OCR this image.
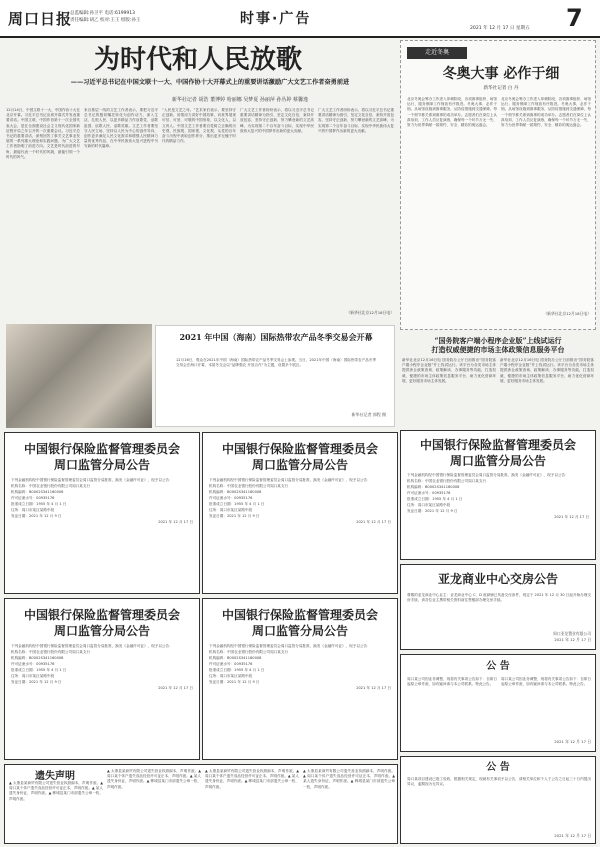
周口日报
总监编辑:孙卫平 电话:6199913
责任编辑:胡乙 校对:王王 组版:孙王	时事·广告
2021 年 12 月 17 日 星期五 7
为时代和人民放歌
——习近平总书记在中国文联十一大、中国作协十大开幕式上的重要讲话激励广大文艺工作者奋勇前进
新华社记者 胡浩 董博婷 哈丽娜 吴梦夏 孙丽萍 孙丛婷 蔡馨逸
12月14日，中国文联十一大、中国作协十大在北京开幕。习近平总书记出席开幕式并发表重要讲话。中国文联、中国作协第十一次全国代表大会，是在全面建设社会主义现代化国家新征程开局之年召开的一次重要会议。习近平总书记的重要讲话，深刻回答了事关文艺事业发展的一系列重大理论和实践问题，为广大文艺工作者指明了前进方向。文艺是时代前进的号角，最能代表一个时代的风貌，最能引领一个时代的风气。
来自基层一线的文艺工作者表示，要把习近平总书记的殷切嘱托转化为创作动力，深入生活、扎根人民，以更多精品力作讴歌党、讴歌祖国、讴歌人民、讴歌英雄。文艺工作者要坚守人民立场，坚持以人民为中心的创作导向，创作更多满足人民文化需求和增强人民精神力量的优秀作品，在中华民族伟大复兴进程中书写新的时代篇章。
“人民是文艺之母。”艺术家们表示，要坚持守正创新，用情用力讲好中国故事，向世界展现可信、可爱、可敬的中国形象，以文化人，以文育人。中国文艺工作者要自觉树立正确的历史观、民族观、国家观、文化观，从党的百年奋斗历程中汲取创作养分，推出更多无愧于时代的精品力作。
广大文艺工作者纷纷表示，将以习近平总书记重要讲话精神为指引，坚定文化自信，秉持开放包容，坚持守正创新，努力攀登新的文艺高峰，为实现第二个百年奋斗目标、实现中华民族伟大复兴的中国梦作出新的更大贡献。
广大文艺工作者纷纷表示，将以习近平总书记重要讲话精神为指引，坚定文化自信，秉持开放包容，坚持守正创新，努力攀登新的文艺高峰，为实现第二个百年奋斗目标、实现中华民族伟大复兴的中国梦作出新的更大贡献。
（新华社北京12月16日电）
2021 年中国（海南）国际热带农产品冬季交易会开幕
12月16日，观众在2021年中国（海南）国际热带农产品冬季交易会上参观。当日，2021年中国（海南）国际热带农产品冬季交易会在海口开幕，本届冬交会以“品牌强农 开放合作”为主题，设置多个展区。
新华社记者 郭程 摄
走近冬奥
冬奥大事 必作于细
新华社记者 白 丹
北京冬奥会筹办工作进入冲刺阶段，各项赛事组织、场馆运行、服务保障工作细致有序推进。冬奥大事，必作于细。从场馆设施到赛事服务，从防疫措施到交通保障，每一个细节都关系到赛事的成功举办。志愿者们在岗位上认真培训，工作人员反复演练，确保每一个环节万无一失，努力为世界奉献一届简约、安全、精彩的奥运盛会。
北京冬奥会筹办工作进入冲刺阶段，各项赛事组织、场馆运行、服务保障工作细致有序推进。冬奥大事，必作于细。从场馆设施到赛事服务，从防疫措施到交通保障，每一个细节都关系到赛事的成功举办。志愿者们在岗位上认真培训，工作人员反复演练，确保每一个环节万无一失，努力为世界奉献一届简约、安全、精彩的奥运盛会。
（新华社北京12月16日电）
“国务院客户端小程序企业版”上线试运行
打造权威便捷的市场主体政策信息服务平台
新华社北京12月16日电 国务院办公厅日前推出“国务院客户端小程序企业版”并上线试运行。该平台为各类市场主体提供涉企政策查询、政策解读、办事服务等功能，打造权威、便捷的市场主体政策信息服务平台，助力优化营商环境，更好服务市场主体发展。
新华社北京12月16日电 国务院办公厅日前推出“国务院客户端小程序企业版”并上线试运行。该平台为各类市场主体提供涉企政策查询、政策解读、办事服务等功能，打造权威、便捷的市场主体政策信息服务平台，助力优化营商环境，更好服务市场主体发展。
中国银行保险监督管理委员会
周口监管分局公告
下列金融机构经中国银行保险监督管理委员会周口监管分局批准，换发《金融许可证》，现予以公告：
机构名称：中国农业银行股份有限公司周口某支行
机构编码：B0002S341160008
许可证流水号：00935176
批准成立日期：1955 年 4 月 1 日
住所：周口市某区某路中段
发证日期：2021 年 12 月 9 日
2021 年 12 月 17 日
中国银行保险监督管理委员会
周口监管分局公告
下列金融机构经中国银行保险监督管理委员会周口监管分局批准，换发《金融许可证》，现予以公告：
机构名称：中国农业银行股份有限公司周口某支行
机构编码：B0002S341160008
许可证流水号：00935176
批准成立日期：1955 年 4 月 1 日
住所：周口市某区某路中段
发证日期：2021 年 12 月 9 日
2021 年 12 月 17 日
中国银行保险监督管理委员会
周口监管分局公告
下列金融机构经中国银行保险监督管理委员会周口监管分局批准，换发《金融许可证》，现予以公告：
机构名称：中国农业银行股份有限公司周口某支行
机构编码：B0002S341160008
许可证流水号：00935176
批准成立日期：1955 年 4 月 1 日
住所：周口市某区某路中段
发证日期：2021 年 12 月 9 日
2021 年 12 月 17 日
中国银行保险监督管理委员会
周口监管分局公告
下列金融机构经中国银行保险监督管理委员会周口监管分局批准，换发《金融许可证》，现予以公告：
机构名称：中国农业银行股份有限公司周口某支行
机构编码：B0002S341160008
许可证流水号：00935176
批准成立日期：1955 年 4 月 1 日
住所：周口市某区某路中段
发证日期：2021 年 12 月 9 日
2021 年 12 月 17 日
中国银行保险监督管理委员会
周口监管分局公告
下列金融机构经中国银行保险监督管理委员会周口监管分局批准，换发《金融许可证》，现予以公告：
机构名称：中国农业银行股份有限公司周口某支行
机构编码：B0002S341160008
许可证流水号：00935176
批准成立日期：1955 年 4 月 1 日
住所：周口市某区某路中段
发证日期：2021 年 12 月 9 日
2021 年 12 月 17 日
亚龙商业中心交房公告
尊敬的亚龙商业中心业主：亚龙商业中心 C、D 座商铺已具备交付条件，现定于 2021 年 12 月 30 日起开始办理交房手续，请各位业主携带相关资料前往售楼部办理交房手续。
周口亚龙置业有限公司
2021 年 12 月 17 日
公 告
周口某公司因业务调整，现将有关事项公告如下：自即日起原公章作废，如有疑问请与本公司联系。特此公告。
周口某公司因业务调整，现将有关事项公告如下：自即日起原公章作废，如有疑问请与本公司联系。特此公告。
2021 年 12 月 17 日
遗失声明
▲ 太康县某商贸有限公司遗失营业执照副本，声明作废。▲ 周口某个体户遗失食品经营许可证正本，声明作废。▲ 某人遗失身份证，声明作废。▲ 郸城县某门市部遗失公章一枚，声明作废。
▲ 太康县某商贸有限公司遗失营业执照副本，声明作废。▲ 周口某个体户遗失食品经营许可证正本，声明作废。▲ 某人遗失身份证，声明作废。▲ 郸城县某门市部遗失公章一枚，声明作废。
▲ 太康县某商贸有限公司遗失营业执照副本，声明作废。▲ 周口某个体户遗失食品经营许可证正本，声明作废。▲ 某人遗失身份证，声明作废。▲ 郸城县某门市部遗失公章一枚，声明作废。
▲ 太康县某商贸有限公司遗失营业执照副本，声明作废。▲ 周口某个体户遗失食品经营许可证正本，声明作废。▲ 某人遗失身份证，声明作废。▲ 郸城县某门市部遗失公章一枚，声明作废。
公 告
周口某项目建设已竣工验收，根据相关规定，现就有关事项予以公告，请相关单位和个人于公告之日起三十日内提出异议，逾期视为无异议。
2021 年 12 月 17 日
